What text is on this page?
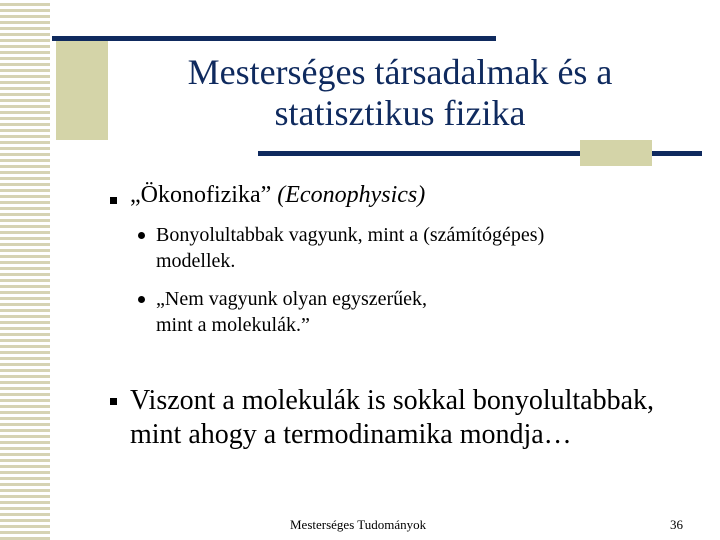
Mesterséges társadalmak és a
statisztikus fizika
„Ökonofizika” (Econophysics)
Bonyolultabbak vagyunk, mint a (számítógépes)
modellek.
„Nem vagyunk olyan egyszerűek,
mint a molekulák.”
Viszont a molekulák is sokkal bonyolultabbak,
mint ahogy a termodinamika mondja…
Mesterséges Tudományok	36
